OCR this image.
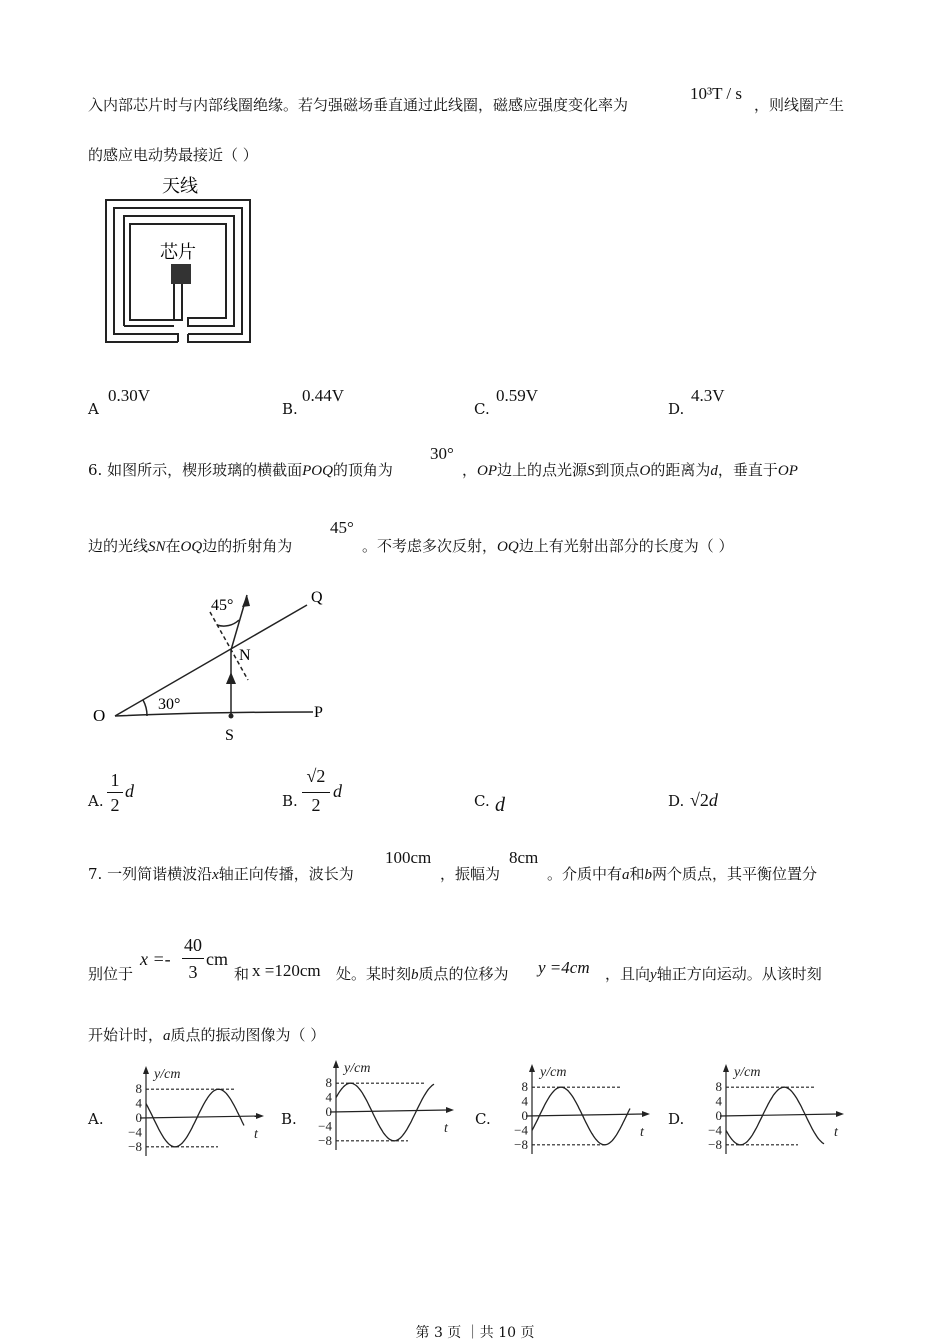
入内部芯片时与内部线圈绝缘。若匀强磁场垂直通过此线圈，磁感应强度变化率为
10³T / s
，则线圈产生
的感应电动势最接近（ ）
天线
芯片
A
0.30V
B.
0.44V
C.
0.59V
D.
4.3V
6. 如图所示，楔形玻璃的横截面POQ的顶角为
30°
，OP边上的点光源S到顶点O的距离为d，垂直于OP
边的光线SN在OQ边的折射角为
45°
。不考虑多次反射，OQ边上有光射出部分的长度为（ ）
O	P
Q
N
S
30°
45°
A.
1
2
d	B.
√2
2
d	C. d	D. √2d
7. 一列简谐横波沿x轴正向传播，波长为
100cm
，振幅为
8cm
。介质中有a和b两个质点，其平衡位置分
别位于
x =-
40
3
cm
和 x =120cm 处。某时刻b质点的位移为 y =4cm ，且向y轴正方向运动。从该时刻
开始计时，a质点的振动图像为（ ）
A.	B.	C.	D.
8
4
0
−4
−8
y/cm
t
8
4
0
−4
−8
y/cm
t
8
4
0
−4
−8
y/cm
t
8
4
0
−4
−8
y/cm
t
第 3 页 ｜共 10 页
